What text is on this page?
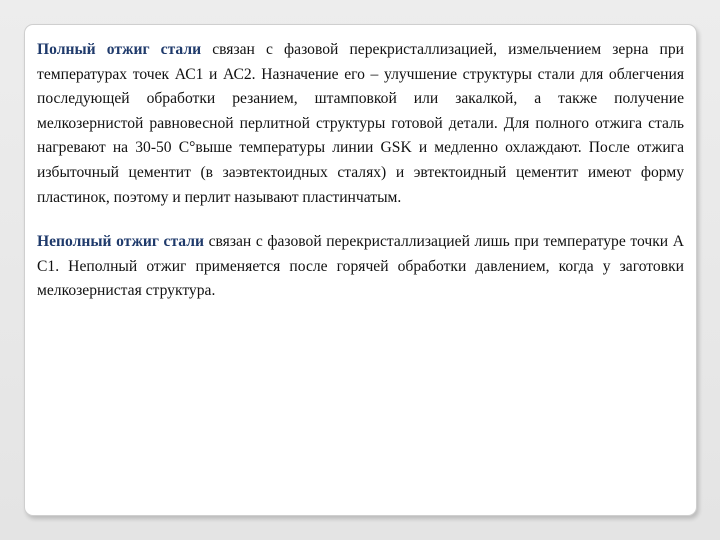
Полный отжиг стали связан с фазовой перекристаллизацией, измельчением зерна при температурах точек АС1 и АС2. Назначение его – улучшение структуры стали для облегчения последующей обработки резанием, штамповкой или закалкой, а также получение мелкозернистой равновесной перлитной структуры готовой детали. Для полного отжига сталь нагревают на 30-50 C°выше температуры линии GSK и медленно охлаждают. После отжига избыточный цементит (в заэвтектоидных сталях) и эвтектоидный цементит имеют форму пластинок, поэтому и перлит называют пластинчатым.

Неполный отжиг стали связан с фазовой перекристаллизацией лишь при температуре точки А С1. Неполный отжиг применяется после горячей обработки давлением, когда у заготовки мелкозернистая структура.
